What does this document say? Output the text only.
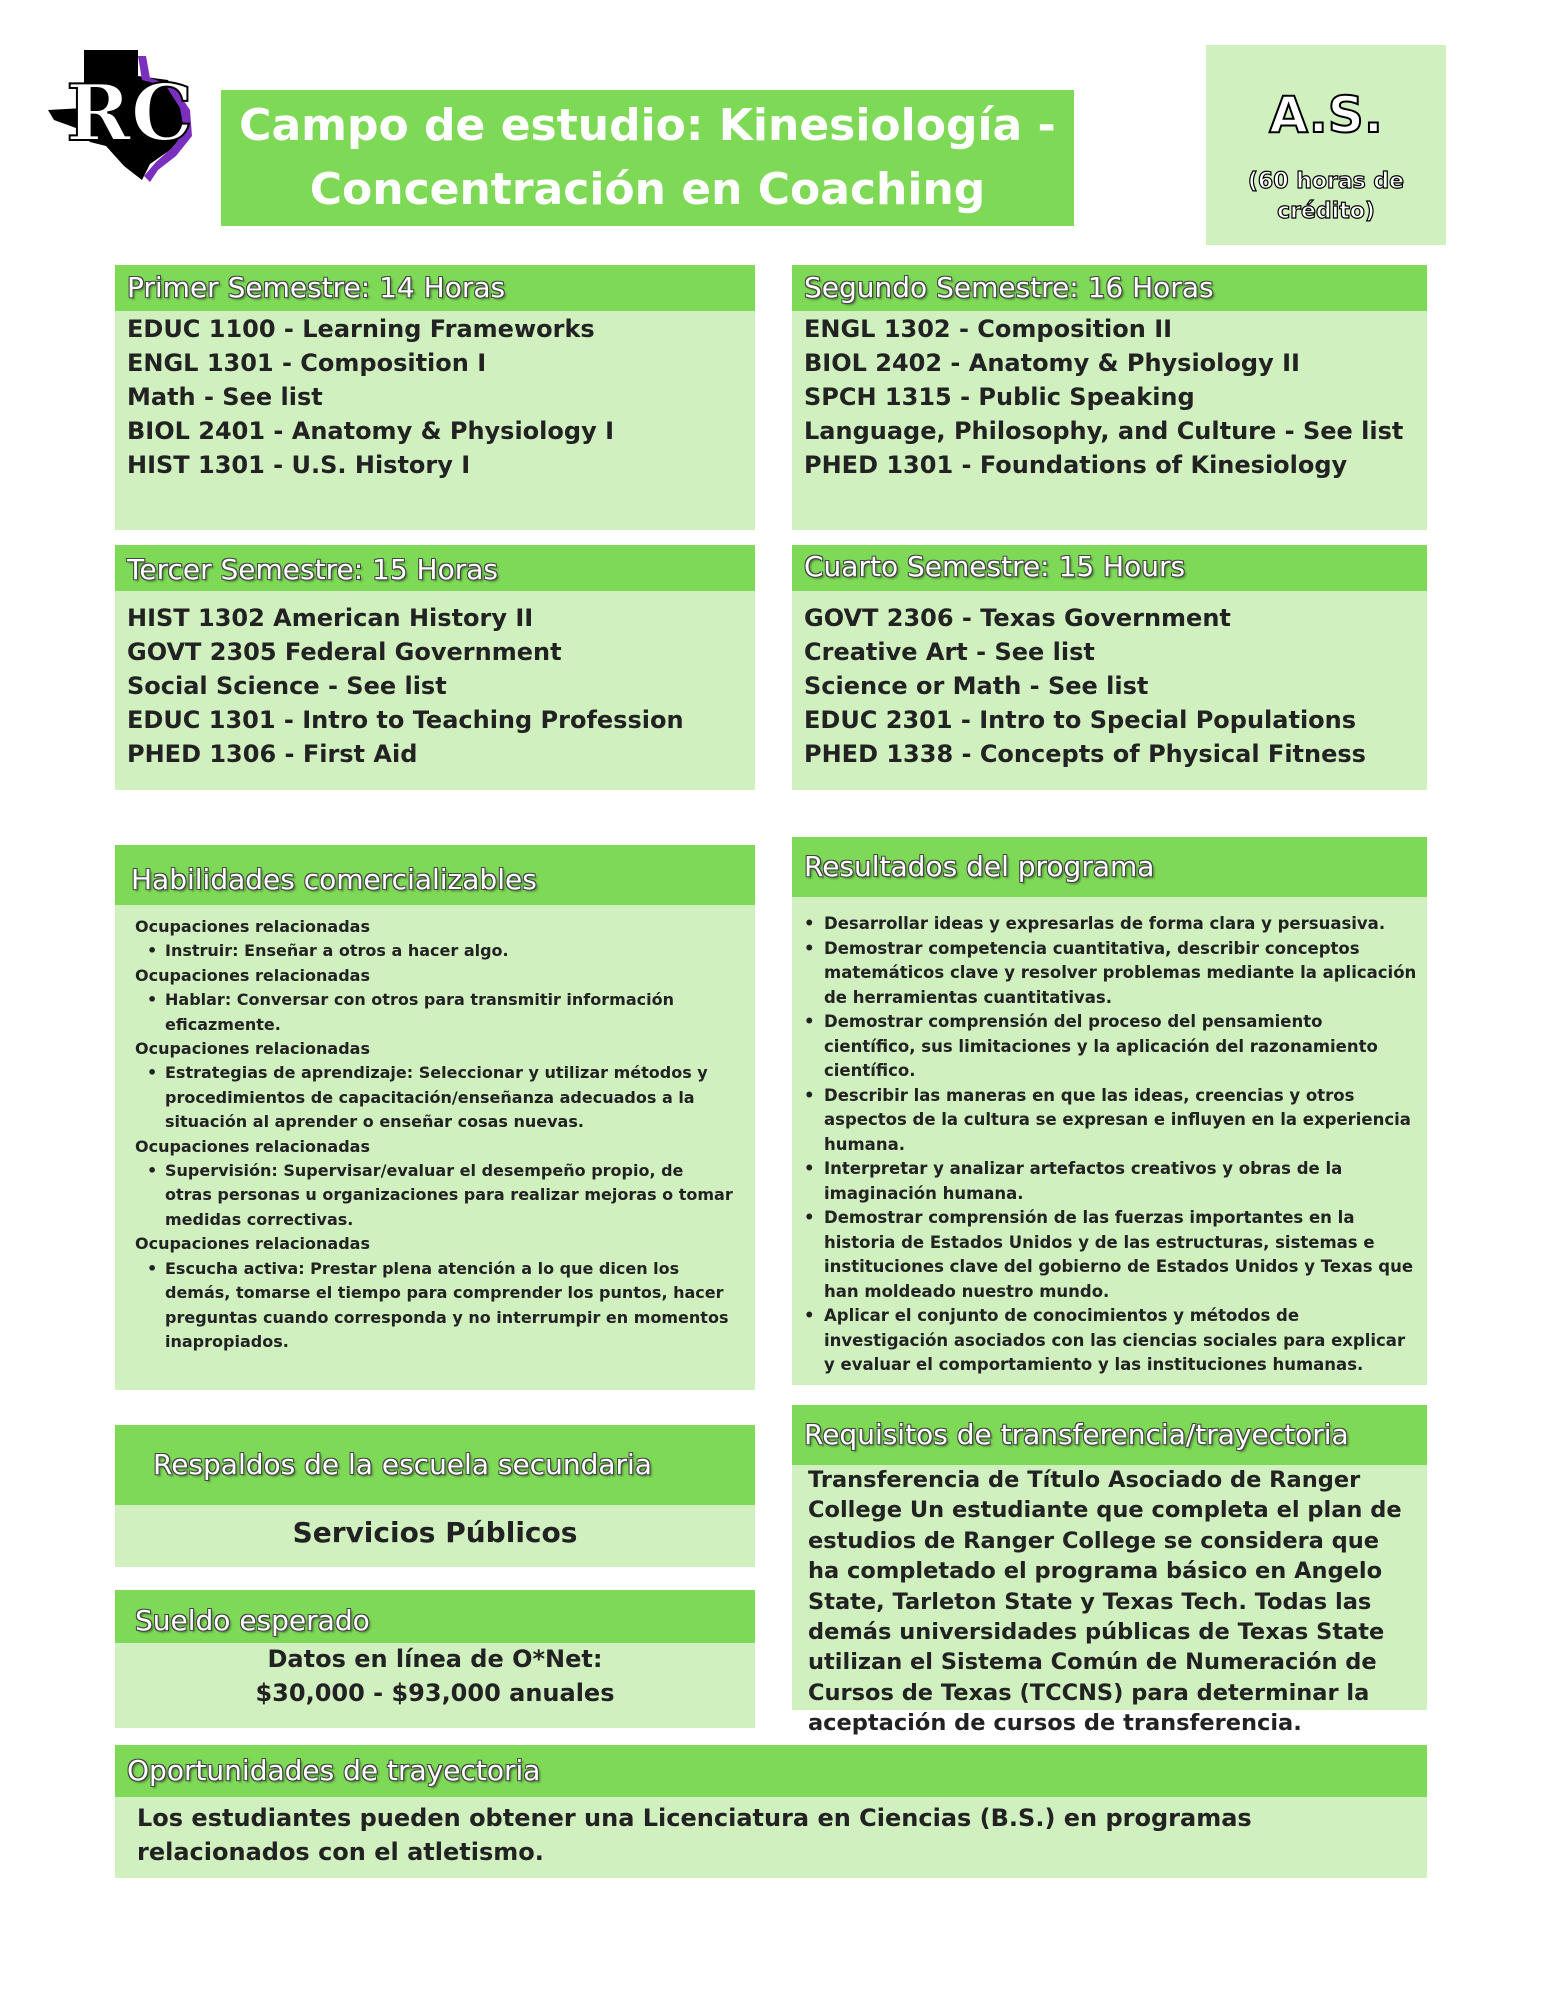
RC Campo de estudio: Kinesiología - Concentración en Coaching
A.S.
(60 horas de crédito)
Primer Semestre: 14 Horas
EDUC 1100 - Learning Frameworks
ENGL 1301 - Composition I
Math - See list
BIOL 2401 - Anatomy & Physiology I
HIST 1301 - U.S. History I
Segundo Semestre: 16 Horas
ENGL 1302 - Composition II
BIOL 2402 - Anatomy & Physiology II
SPCH 1315 - Public Speaking
Language, Philosophy, and Culture - See list
PHED 1301 - Foundations of Kinesiology
Tercer Semestre: 15 Horas
HIST 1302 American History II
GOVT 2305 Federal Government
Social Science - See list
EDUC 1301 - Intro to Teaching Profession
PHED 1306 - First Aid
Cuarto Semestre: 15 Hours
GOVT 2306 - Texas Government
Creative Art - See list
Science or Math - See list
EDUC 2301 - Intro to Special Populations
PHED 1338 - Concepts of Physical Fitness
Habilidades comercializables
Ocupaciones relacionadas
• Instruir: Enseñar a otros a hacer algo.
Ocupaciones relacionadas
• Hablar: Conversar con otros para transmitir información eficazmente.
Ocupaciones relacionadas
• Estrategias de aprendizaje: Seleccionar y utilizar métodos y procedimientos de capacitación/enseñanza adecuados a la situación al aprender o enseñar cosas nuevas.
Ocupaciones relacionadas
• Supervisión: Supervisar/evaluar el desempeño propio, de otras personas u organizaciones para realizar mejoras o tomar medidas correctivas.
Ocupaciones relacionadas
• Escucha activa: Prestar plena atención a lo que dicen los demás, tomarse el tiempo para comprender los puntos, hacer preguntas cuando corresponda y no interrumpir en momentos inapropiados.
Resultados del programa
• Desarrollar ideas y expresarlas de forma clara y persuasiva.
• Demostrar competencia cuantitativa, describir conceptos matemáticos clave y resolver problemas mediante la aplicación de herramientas cuantitativas.
• Demostrar comprensión del proceso del pensamiento científico, sus limitaciones y la aplicación del razonamiento científico.
• Describir las maneras en que las ideas, creencias y otros aspectos de la cultura se expresan e influyen en la experiencia humana.
• Interpretar y analizar artefactos creativos y obras de la imaginación humana.
• Demostrar comprensión de las fuerzas importantes en la historia de Estados Unidos y de las estructuras, sistemas e instituciones clave del gobierno de Estados Unidos y Texas que han moldeado nuestro mundo.
• Aplicar el conjunto de conocimientos y métodos de investigación asociados con las ciencias sociales para explicar y evaluar el comportamiento y las instituciones humanas.
Respaldos de la escuela secundaria
Servicios Públicos
Sueldo esperado
Datos en línea de O*Net:
$30,000 - $93,000 anuales
Requisitos de transferencia/trayectoria
Transferencia de Título Asociado de Ranger College Un estudiante que completa el plan de estudios de Ranger College se considera que ha completado el programa básico en Angelo State, Tarleton State y Texas Tech. Todas las demás universidades públicas de Texas State utilizan el Sistema Común de Numeración de Cursos de Texas (TCCNS) para determinar la aceptación de cursos de transferencia.
Oportunidades de trayectoria
Los estudiantes pueden obtener una Licenciatura en Ciencias (B.S.) en programas relacionados con el atletismo.
